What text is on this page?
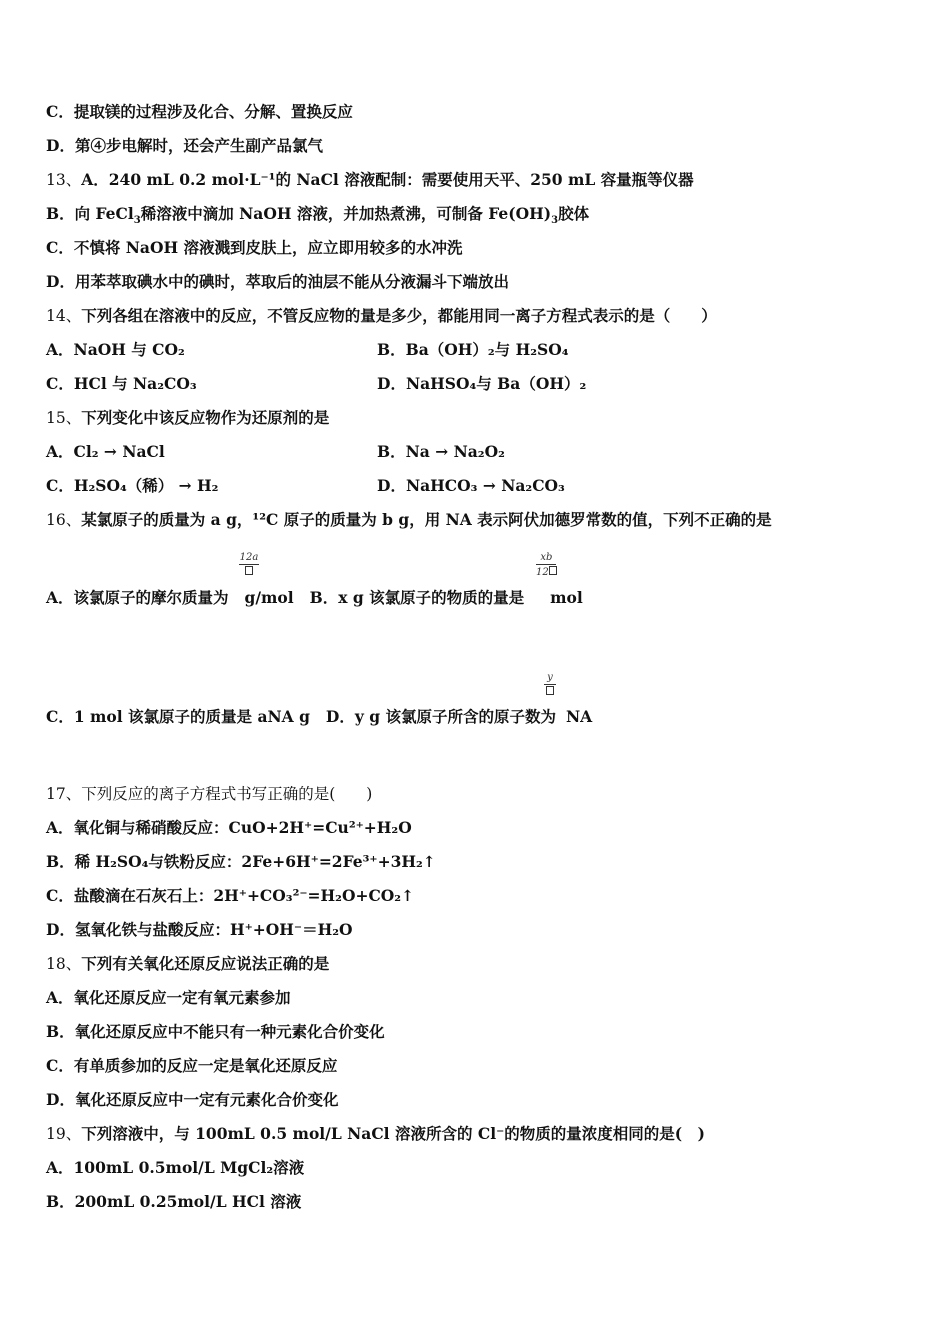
C．提取镁的过程涉及化合、分解、置换反应
D．第④步电解时，还会产生副产品氯气
13、A．240 mL 0.2 mol·L⁻¹的 NaCl 溶液配制：需要使用天平、250 mL 容量瓶等仪器
B．向 FeCl$_3$稀溶液中滴加 NaOH 溶液，并加热煮沸，可制备 $Fe(OH)_3$胶体
C．不慎将 NaOH 溶液溅到皮肤上，应立即用较多的水冲洗
D．用苯萃取碘水中的碘时，萃取后的油层不能从分液漏斗下端放出
14、下列各组在溶液中的反应，不管反应物的量是多少，都能用同一离子方程式表示的是（　　）
A．NaOH 与 CO₂	B．Ba（OH）₂与 H₂SO₄
C．HCl 与 Na₂CO₃	D．NaHSO₄与 Ba（OH）₂
15、下列变化中该反应物作为还原剂的是
A．Cl₂ → NaCl	B．Na → Na₂O₂
C．H₂SO₄（稀） → H₂	D．NaHCO₃ → Na₂CO₃
16、某氯原子的质量为 a g，¹²C 原子的质量为 b g，用 NA 表示阿伏加德罗常数的值，下列不正确的是
12a	xb
12
A．该氯原子的摩尔质量为 g/mol B．x g 该氯原子的物质的量是 mol
y
C．1 mol 该氯原子的质量是 aNA g D．y g 该氯原子所含的原子数为 NA
17、下列反应的离子方程式书写正确的是(　　)
A．氧化铜与稀硝酸反应：CuO+2H⁺=Cu²⁺+H₂O
B．稀 H₂SO₄与铁粉反应：2Fe+6H⁺=2Fe³⁺+3H₂↑
C．盐酸滴在石灰石上：2H⁺+CO₃²⁻=H₂O+CO₂↑
D．氢氧化铁与盐酸反应：H⁺+OH⁻＝H₂O
18、下列有关氧化还原反应说法正确的是
A．氧化还原反应一定有氧元素参加
B．氧化还原反应中不能只有一种元素化合价变化
C．有单质参加的反应一定是氧化还原反应
D．氧化还原反应中一定有元素化合价变化
19、下列溶液中，与 100mL 0.5 mol/L NaCl 溶液所含的 Cl⁻的物质的量浓度相同的是(　)
A．100mL 0.5mol/L MgCl₂溶液
B．200mL 0.25mol/L HCl 溶液
